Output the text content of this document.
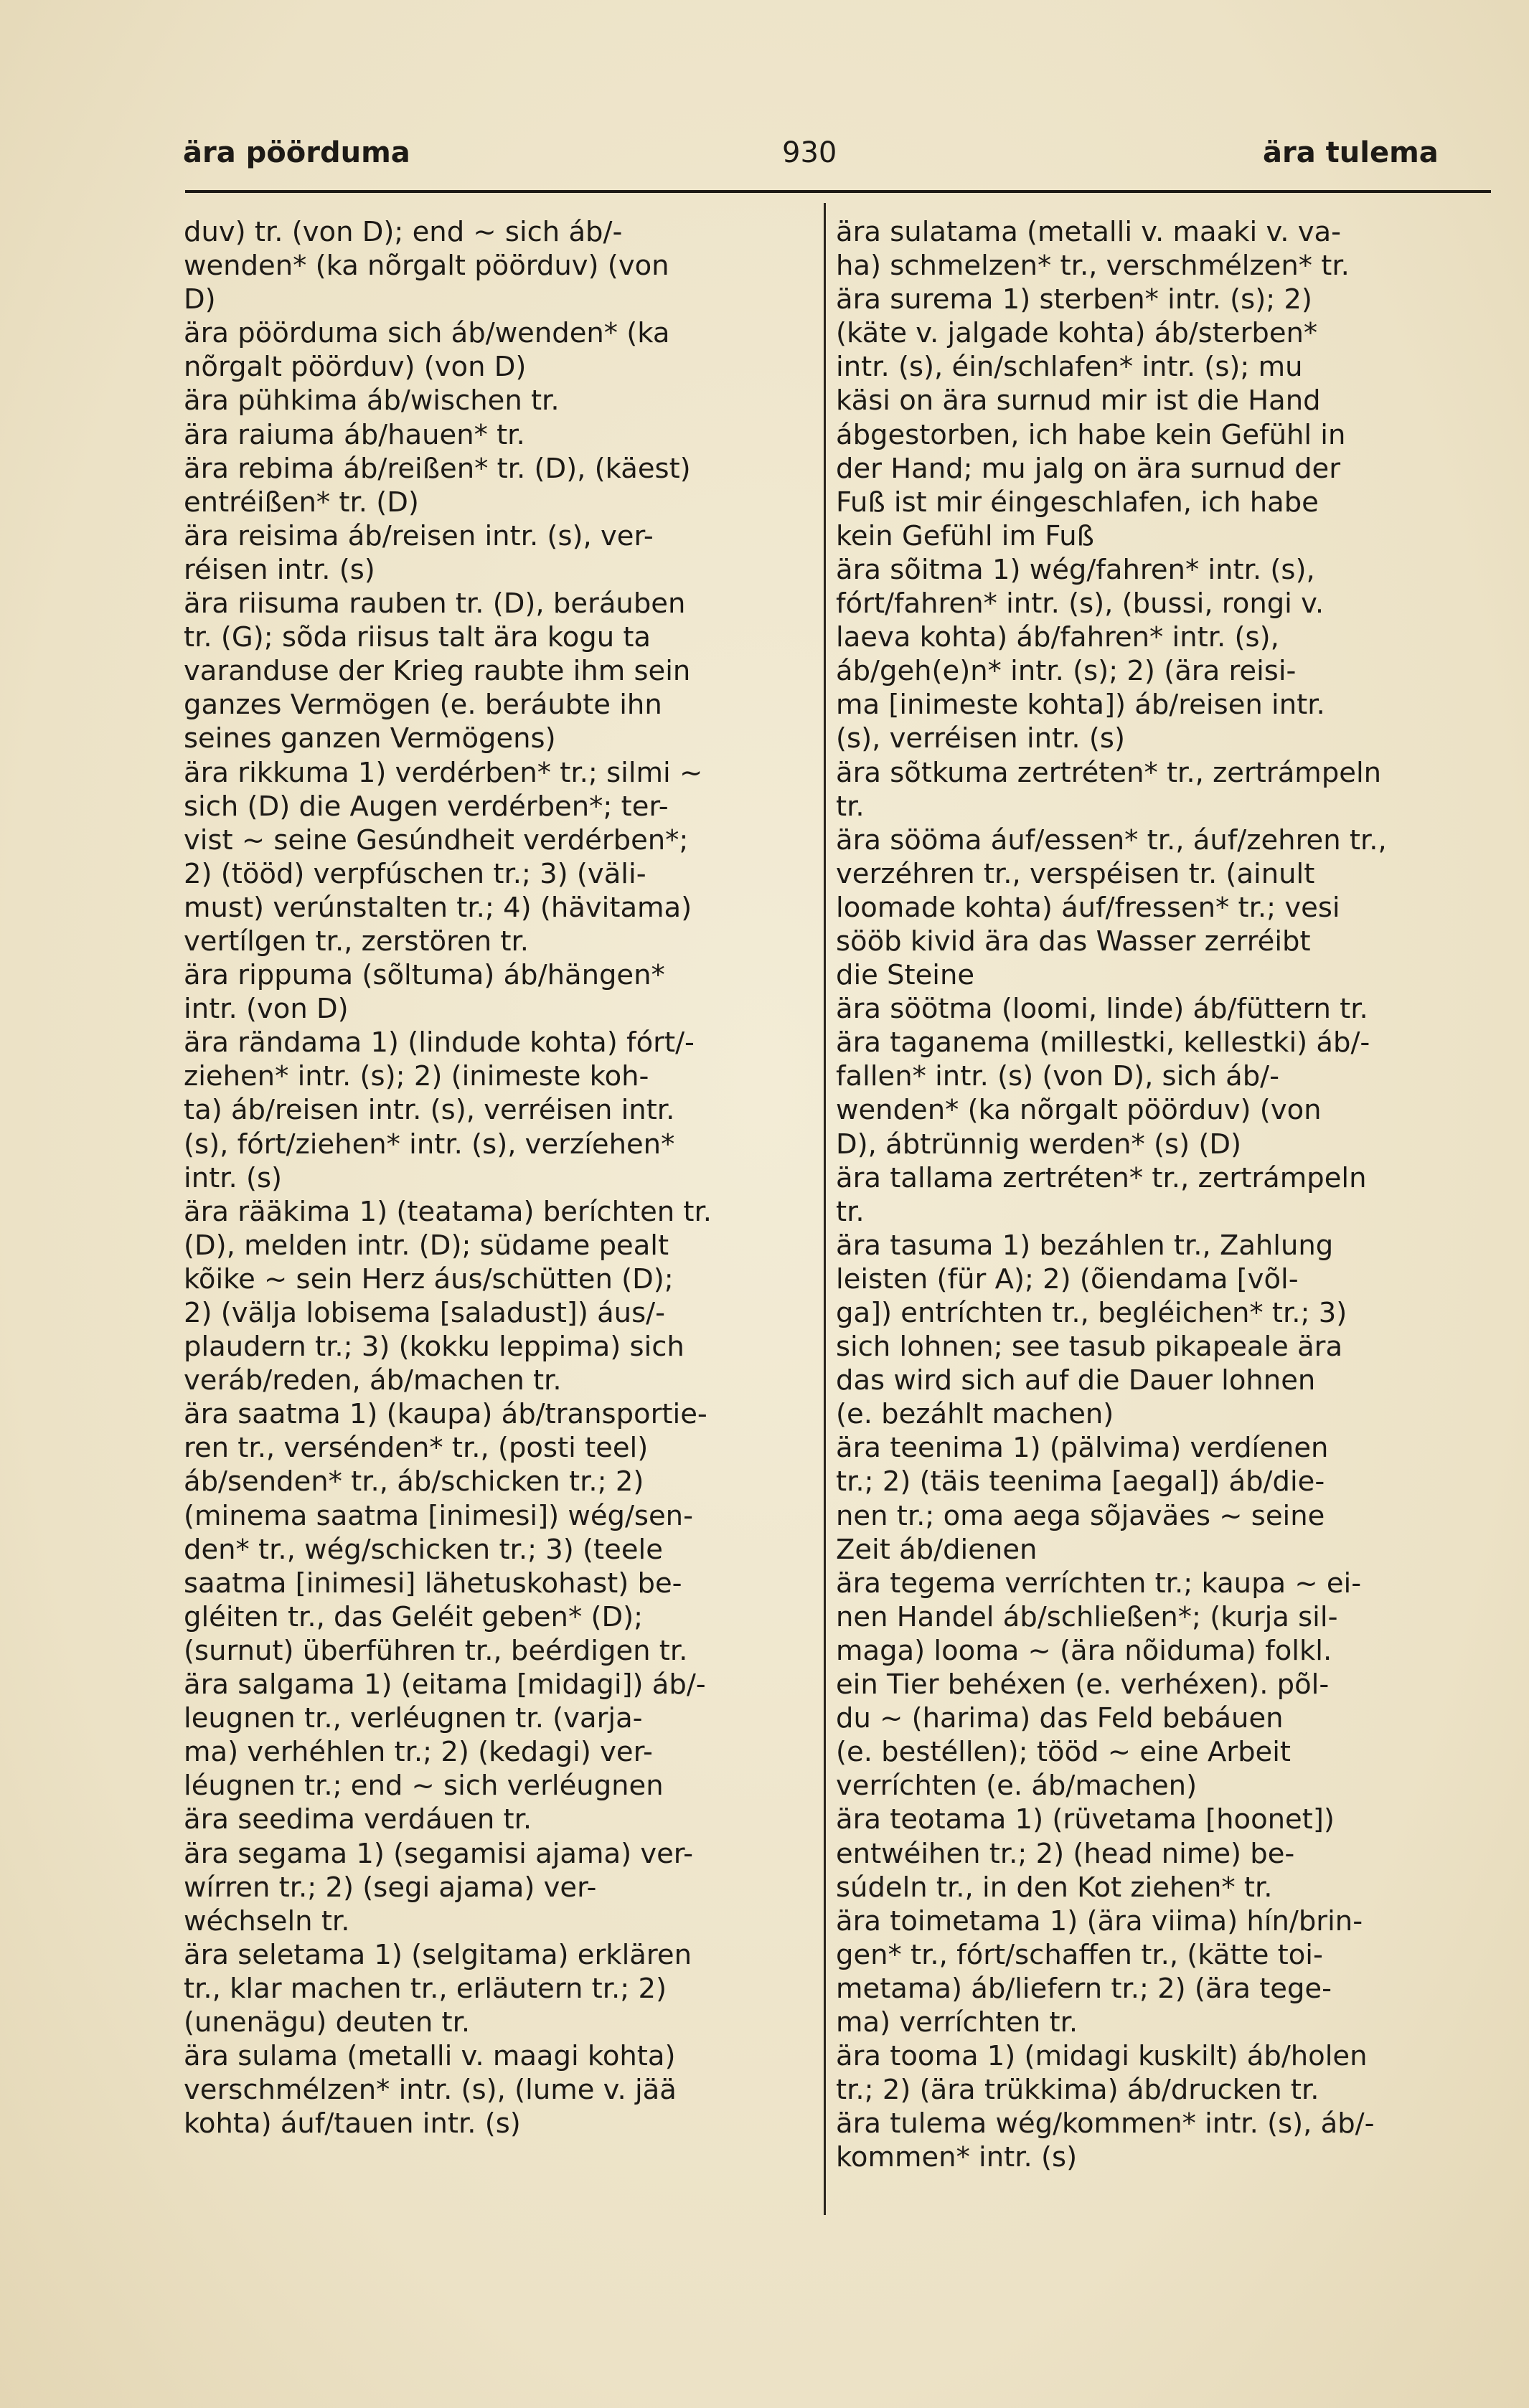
ära pöörduma	930	ära tulema
duv) tr. (von D); end ~ sich áb/-
wenden* (ka nõrgalt pöörduv) (von
D)
ära pöörduma sich áb/wenden* (ka
nõrgalt pöörduv) (von D)
ära pühkima áb/wischen tr.
ära raiuma áb/hauen* tr.
ära rebima áb/reißen* tr. (D), (käest)
entréißen* tr. (D)
ära reisima áb/reisen intr. (s), ver-
réisen intr. (s)
ära riisuma rauben tr. (D), beráuben
tr. (G); sõda riisus talt ära kogu ta
varanduse der Krieg raubte ihm sein
ganzes Vermögen (e. beráubte ihn
seines ganzen Vermögens)
ära rikkuma 1) verdérben* tr.; silmi ~
sich (D) die Augen verdérben*; ter-
vist ~ seine Gesúndheit verdérben*;
2) (tööd) verpfúschen tr.; 3) (väli-
must) verúnstalten tr.; 4) (hävitama)
vertílgen tr., zerstören tr.
ära rippuma (sõltuma) áb/hängen*
intr. (von D)
ära rändama 1) (lindude kohta) fórt/-
ziehen* intr. (s); 2) (inimeste koh-
ta) áb/reisen intr. (s), verréisen intr.
(s), fórt/ziehen* intr. (s), verzíehen*
intr. (s)
ära rääkima 1) (teatama) beríchten tr.
(D), melden intr. (D); südame pealt
kõike ~ sein Herz áus/schütten (D);
2) (välja lobisema [saladust]) áus/-
plaudern tr.; 3) (kokku leppima) sich
veráb/reden, áb/machen tr.
ära saatma 1) (kaupa) áb/transportie-
ren tr., versénden* tr., (posti teel)
áb/senden* tr., áb/schicken tr.; 2)
(minema saatma [inimesi]) wég/sen-
den* tr., wég/schicken tr.; 3) (teele
saatma [inimesi] lähetuskohast) be-
gléiten tr., das Geléit geben* (D);
(surnut) überführen tr., beérdigen tr.
ära salgama 1) (eitama [midagi]) áb/-
leugnen tr., verléugnen tr. (varja-
ma) verhéhlen tr.; 2) (kedagi) ver-
léugnen tr.; end ~ sich verléugnen
ära seedima verdáuen tr.
ära segama 1) (segamisi ajama) ver-
wírren tr.; 2) (segi ajama) ver-
wéchseln tr.
ära seletama 1) (selgitama) erklären
tr., klar machen tr., erläutern tr.; 2)
(unenägu) deuten tr.
ära sulama (metalli v. maagi kohta)
verschmélzen* intr. (s), (lume v. jää
kohta) áuf/tauen intr. (s)
ära sulatama (metalli v. maaki v. va-
ha) schmelzen* tr., verschmélzen* tr.
ära surema 1) sterben* intr. (s); 2)
(käte v. jalgade kohta) áb/sterben*
intr. (s), éin/schlafen* intr. (s); mu
käsi on ära surnud mir ist die Hand
ábgestorben, ich habe kein Gefühl in
der Hand; mu jalg on ära surnud der
Fuß ist mir éingeschlafen, ich habe
kein Gefühl im Fuß
ära sõitma 1) wég/fahren* intr. (s),
fórt/fahren* intr. (s), (bussi, rongi v.
laeva kohta) áb/fahren* intr. (s),
áb/geh(e)n* intr. (s); 2) (ära reisi-
ma [inimeste kohta]) áb/reisen intr.
(s), verréisen intr. (s)
ära sõtkuma zertréten* tr., zertrámpeln
tr.
ära sööma áuf/essen* tr., áuf/zehren tr.,
verzéhren tr., verspéisen tr. (ainult
loomade kohta) áuf/fressen* tr.; vesi
sööb kivid ära das Wasser zerréibt
die Steine
ära söötma (loomi, linde) áb/füttern tr.
ära taganema (millestki, kellestki) áb/-
fallen* intr. (s) (von D), sich áb/-
wenden* (ka nõrgalt pöörduv) (von
D), ábtrünnig werden* (s) (D)
ära tallama zertréten* tr., zertrámpeln
tr.
ära tasuma 1) bezáhlen tr., Zahlung
leisten (für A); 2) (õiendama [võl-
ga]) entríchten tr., begléichen* tr.; 3)
sich lohnen; see tasub pikapeale ära
das wird sich auf die Dauer lohnen
(e. bezáhlt machen)
ära teenima 1) (pälvima) verdíenen
tr.; 2) (täis teenima [aegal]) áb/die-
nen tr.; oma aega sõjaväes ~ seine
Zeit áb/dienen
ära tegema verríchten tr.; kaupa ~ ei-
nen Handel áb/schließen*; (kurja sil-
maga) looma ~ (ära nõiduma) folkl.
ein Tier behéxen (e. verhéxen). põl-
du ~ (harima) das Feld bebáuen
(e. bestéllen); tööd ~ eine Arbeit
verríchten (e. áb/machen)
ära teotama 1) (rüvetama [hoonet])
entwéihen tr.; 2) (head nime) be-
súdeln tr., in den Kot ziehen* tr.
ära toimetama 1) (ära viima) hín/brin-
gen* tr., fórt/schaffen tr., (kätte toi-
metama) áb/liefern tr.; 2) (ära tege-
ma) verríchten tr.
ära tooma 1) (midagi kuskilt) áb/holen
tr.; 2) (ära trükkima) áb/drucken tr.
ära tulema wég/kommen* intr. (s), áb/-
kommen* intr. (s)
